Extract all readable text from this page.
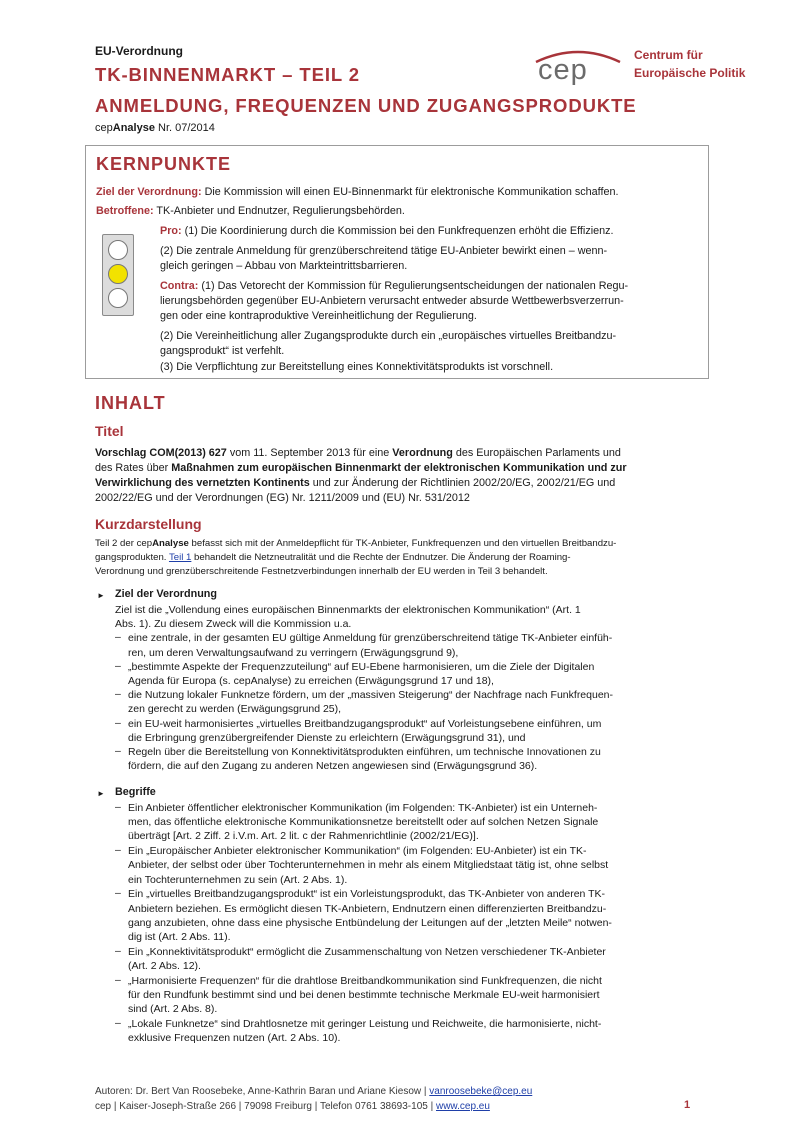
EU-Verordnung
TK-BINNENMARKT – TEIL 2
ANMELDUNG, FREQUENZEN UND ZUGANGSPRODUKTE
cepAnalyse Nr. 07/2014
cep	Centrum für
Europäische Politik
KERNPUNKTE
Ziel der Verordnung: Die Kommission will einen EU-Binnenmarkt für elektronische Kommunikation schaffen.
Betroffene: TK-Anbieter und Endnutzer, Regulierungsbehörden.
Pro: (1) Die Koordinierung durch die Kommission bei den Funkfrequenzen erhöht die Effizienz.
(2) Die zentrale Anmeldung für grenzüberschreitend tätige EU-Anbieter bewirkt einen – wenn-
gleich geringen – Abbau von Markteintrittsbarrieren.
Contra: (1) Das Vetorecht der Kommission für Regulierungsentscheidungen der nationalen Regu-
lierungsbehörden gegenüber EU-Anbietern verursacht entweder absurde Wettbewerbsverzerrun-
gen oder eine kontraproduktive Vereinheitlichung der Regulierung.
(2) Die Vereinheitlichung aller Zugangsprodukte durch ein „europäisches virtuelles Breitbandzu-
gangsprodukt“ ist verfehlt.
(3) Die Verpflichtung zur Bereitstellung eines Konnektivitätsprodukts ist vorschnell.
INHALT
Titel
Vorschlag COM(2013) 627 vom 11. September 2013 für eine Verordnung des Europäischen Parlaments und
des Rates über Maßnahmen zum europäischen Binnenmarkt der elektronischen Kommunikation und zur
Verwirklichung des vernetzten Kontinents und zur Änderung der Richtlinien 2002/20/EG, 2002/21/EG und
2002/22/EG und der Verordnungen (EG) Nr. 1211/2009 und (EU) Nr. 531/2012
Kurzdarstellung
Teil 2 der cepAnalyse befasst sich mit der Anmeldepflicht für TK-Anbieter, Funkfrequenzen und den virtuellen Breitbandzu-
gangsprodukten. Teil 1 behandelt die Netzneutralität und die Rechte der Endnutzer. Die Änderung der Roaming-
Verordnung und grenzüberschreitende Festnetzverbindungen innerhalb der EU werden in Teil 3 behandelt.
► Ziel der Verordnung
► Begriffe
Autoren: Dr. Bert Van Roosebeke, Anne-Kathrin Baran und Ariane Kiesow | vanroosebeke@cep.eu
cep | Kaiser-Joseph-Straße 266 | 79098 Freiburg | Telefon 0761 38693-105 | www.cep.eu	1
Ziel ist die „Vollendung eines europäischen Binnenmarkts der elektronischen Kommunikation“ (Art. 1
Abs. 1). Zu diesem Zweck will die Kommission u.a.
– eine zentrale, in der gesamten EU gültige Anmeldung für grenzüberschreitend tätige TK-Anbieter einfüh-
ren, um deren Verwaltungsaufwand zu verringern (Erwägungsgrund 9),
– „bestimmte Aspekte der Frequenzzuteilung“ auf EU-Ebene harmonisieren, um die Ziele der Digitalen
Agenda für Europa (s. cepAnalyse) zu erreichen (Erwägungsgrund 17 und 18),
– die Nutzung lokaler Funknetze fördern, um der „massiven Steigerung“ der Nachfrage nach Funkfrequen-
zen gerecht zu werden (Erwägungsgrund 25),
– ein EU-weit harmonisiertes „virtuelles Breitbandzugangsprodukt“ auf Vorleistungsebene einführen, um
die Erbringung grenzübergreifender Dienste zu erleichtern (Erwägungsgrund 31), und
– Regeln über die Bereitstellung von Konnektivitätsprodukten einführen, um technische Innovationen zu
fördern, die auf den Zugang zu anderen Netzen angewiesen sind (Erwägungsgrund 36).
– Ein Anbieter öffentlicher elektronischer Kommunikation (im Folgenden: TK-Anbieter) ist ein Unterneh-
men, das öffentliche elektronische Kommunikationsnetze bereitstellt oder auf solchen Netzen Signale
überträgt [Art. 2 Ziff. 2 i.V.m. Art. 2 lit. c der Rahmenrichtlinie (2002/21/EG)].
– Ein „Europäischer Anbieter elektronischer Kommunikation“ (im Folgenden: EU-Anbieter) ist ein TK-
Anbieter, der selbst oder über Tochterunternehmen in mehr als einem Mitgliedstaat tätig ist, ohne selbst
ein Tochterunternehmen zu sein (Art. 2 Abs. 1).
– Ein „virtuelles Breitbandzugangsprodukt“ ist ein Vorleistungsprodukt, das TK-Anbieter von anderen TK-
Anbietern beziehen. Es ermöglicht diesen TK-Anbietern, Endnutzern einen differenzierten Breitbandzu-
gang anzubieten, ohne dass eine physische Entbündelung der Leitungen auf der „letzten Meile“ notwen-
dig ist (Art. 2 Abs. 11).
– Ein „Konnektivitätsprodukt“ ermöglicht die Zusammenschaltung von Netzen verschiedener TK-Anbieter
(Art. 2 Abs. 12).
– „Harmonisierte Frequenzen“ für die drahtlose Breitbandkommunikation sind Funkfrequenzen, die nicht
für den Rundfunk bestimmt sind und bei denen bestimmte technische Merkmale EU-weit harmonisiert
sind (Art. 2 Abs. 8).
– „Lokale Funknetze“ sind Drahtlosnetze mit geringer Leistung und Reichweite, die harmonisierte, nicht-
exklusive Frequenzen nutzen (Art. 2 Abs. 10).
